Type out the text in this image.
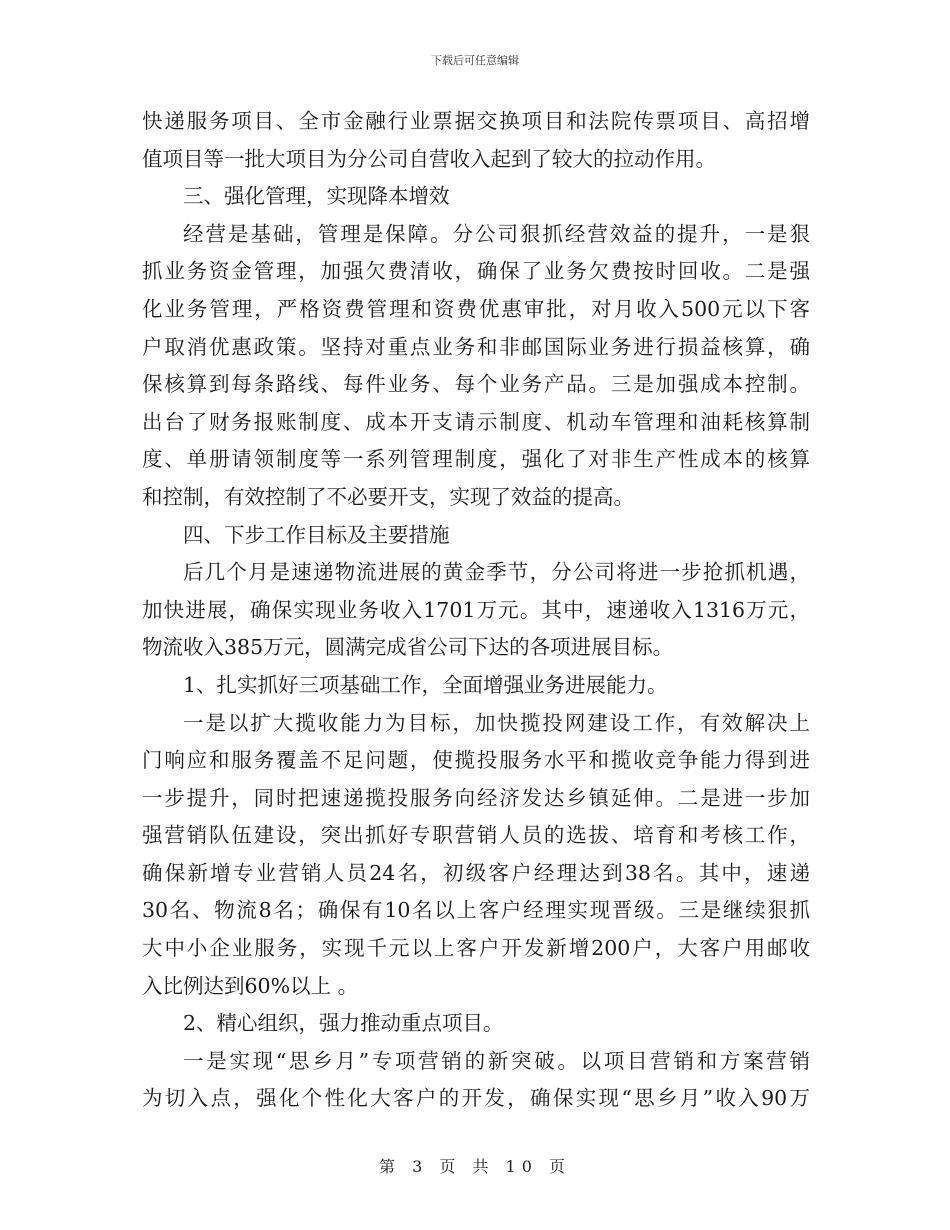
下载后可任意编辑
快递服务项目、全市金融行业票据交换项目和法院传票项目、高招增
值项目等一批大项目为分公司自营收入起到了较大的拉动作用。
三、强化管理，实现降本增效
经营是基础，管理是保障。分公司狠抓经营效益的提升，一是狠
抓业务资金管理，加强欠费清收，确保了业务欠费按时回收。二是强
化业务管理，严格资费管理和资费优惠审批，对月收入500元以下客
户取消优惠政策。坚持对重点业务和非邮国际业务进行损益核算，确
保核算到每条路线、每件业务、每个业务产品。三是加强成本控制。
出台了财务报账制度、成本开支请示制度、机动车管理和油耗核算制
度、单册请领制度等一系列管理制度，强化了对非生产性成本的核算
和控制，有效控制了不必要开支，实现了效益的提高。
四、下步工作目标及主要措施
后几个月是速递物流进展的黄金季节，分公司将进一步抢抓机遇，
加快进展，确保实现业务收入1701万元。其中，速递收入1316万元，
物流收入385万元，圆满完成省公司下达的各项进展目标。
1、扎实抓好三项基础工作，全面增强业务进展能力。
一是以扩大揽收能力为目标，加快揽投网建设工作，有效解决上
门响应和服务覆盖不足问题，使揽投服务水平和揽收竞争能力得到进
一步提升，同时把速递揽投服务向经济发达乡镇延伸。二是进一步加
强营销队伍建设，突出抓好专职营销人员的选拔、培育和考核工作，
确保新增专业营销人员24名，初级客户经理达到38名。其中，速递
30名、物流8名；确保有10名以上客户经理实现晋级。三是继续狠抓
大中小企业服务，实现千元以上客户开发新增200户，大客户用邮收
入比例达到60%以上 。
2、精心组织，强力推动重点项目。
一是实现“思乡月”专项营销的新突破。以项目营销和方案营销
为切入点，强化个性化大客户的开发，确保实现“思乡月”收入90万
第 3 页 共 10 页
